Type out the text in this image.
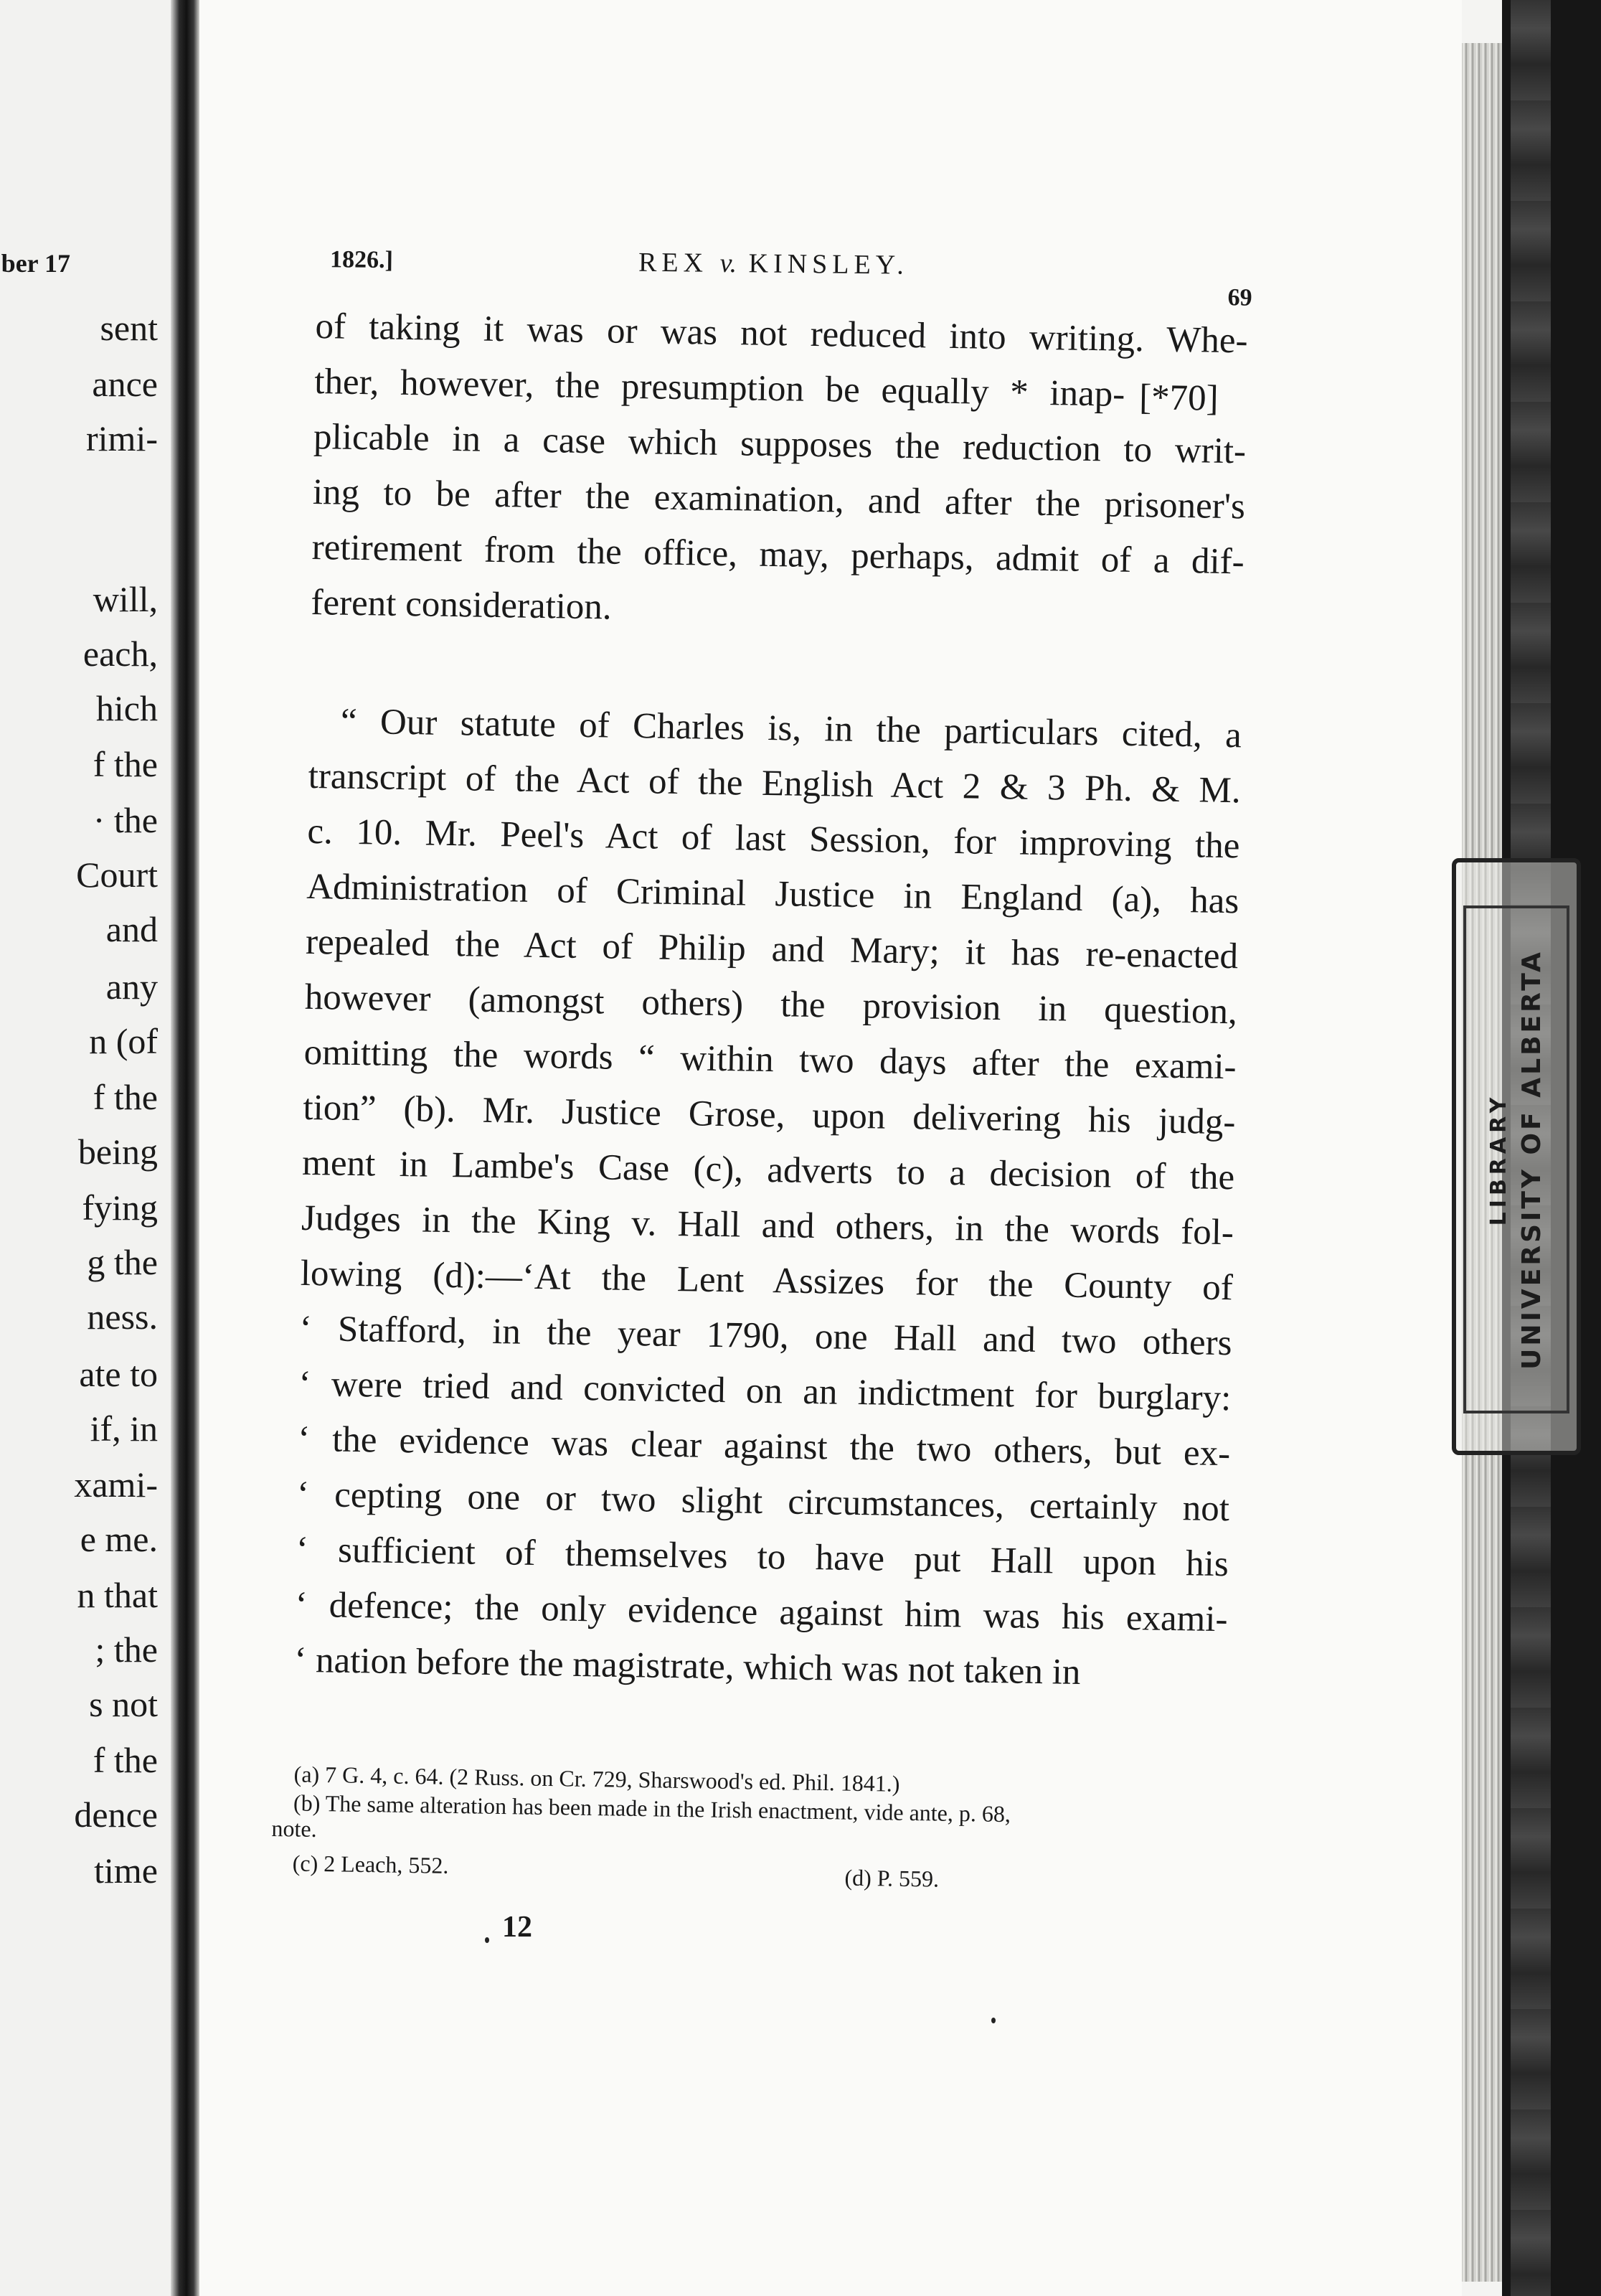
ber 17
sent
ance
rimi-
will,
each,
hich
f the
· the
Court
and
any
n (of
f the
being
fying
g the
ness.
ate to
if, in
xami-
e me.
n that
; the
s not
f the
dence
time
LIBRARY UNIVERSITY OF ALBERTA
1826.]	REX v. KINSLEY.
69
[*70]
of taking it was or was not reduced into writing. Whe-
ther, however, the presumption be equally * inap-
plicable in a case which supposes the reduction to writ-
ing to be after the examination, and after the prisoner's
retirement from the office, may, perhaps, admit of a dif-
ferent consideration.
“ Our statute of Charles is, in the particulars cited, a
transcript of the Act of the English Act 2 & 3 Ph. & M.
c. 10. Mr. Peel's Act of last Session, for improving the
Administration of Criminal Justice in England (a), has
repealed the Act of Philip and Mary; it has re-enacted
however (amongst others) the provision in question,
omitting the words “ within two days after the exami-
tion” (b). Mr. Justice Grose, upon delivering his judg-
ment in Lambe's Case (c), adverts to a decision of the
Judges in the King v. Hall and others, in the words fol-
lowing (d):—‘At the Lent Assizes for the County of
‘ Stafford, in the year 1790, one Hall and two others
‘ were tried and convicted on an indictment for burglary:
‘ the evidence was clear against the two others, but ex-
‘ cepting one or two slight circumstances, certainly not
‘ sufficient of themselves to have put Hall upon his
‘ defence; the only evidence against him was his exami-
‘ nation before the magistrate, which was not taken in
(a) 7 G. 4, c. 64. (2 Russ. on Cr. 729, Sharswood's ed. Phil. 1841.)
(b) The same alteration has been made in the Irish enactment, vide ante, p. 68,
note.
(c) 2 Leach, 552.	(d) P. 559.
12
